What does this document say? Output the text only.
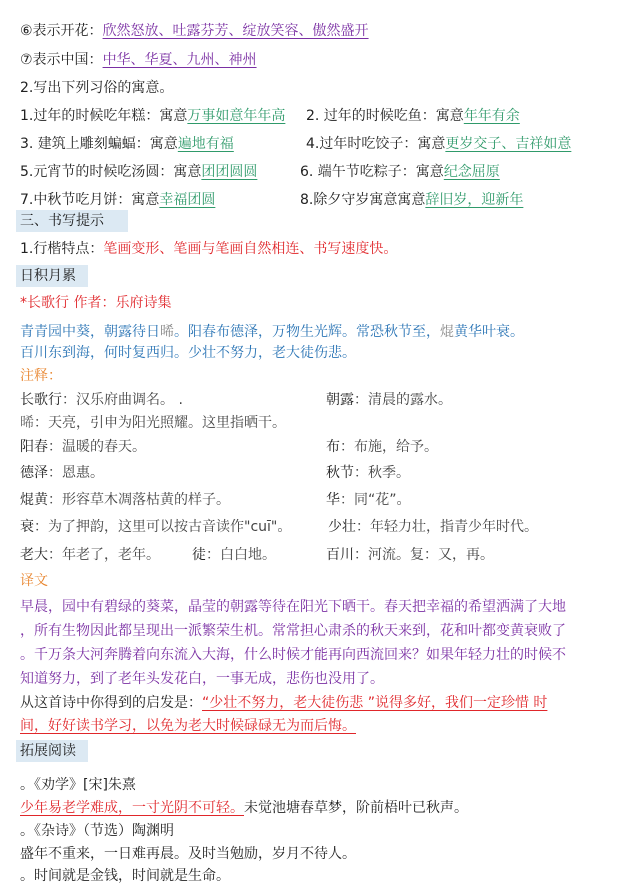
⑥表示开花：欣然怒放、吐露芬芳、绽放笑容、傲然盛开
⑦表示中国：中华、华夏、九州、神州
2.写出下列习俗的寓意。
1.过年的时候吃年糕：寓意万事如意年年高 2. 过年的时候吃鱼：寓意年年有余
3. 建筑上雕刻蝙蝠：寓意遍地有福	4.过年时吃饺子：寓意更岁交子、吉祥如意
5.元宵节的时候吃汤圆：寓意团团圆圆	6. 端午节吃粽子：寓意纪念屈原
7.中秋节吃月饼：寓意幸福团圆	8.除夕守岁寓意寓意辞旧岁，迎新年
三、书写提示
1.行楷特点：笔画变形、笔画与笔画自然相连、书写速度快。
日积月累
*长歌行 作者：乐府诗集
青青园中葵，朝露待日晞。阳春布德泽，万物生光辉。常恐秋节至，焜黄华叶衰。
百川东到海，何时复西归。少壮不努力，老大徒伤悲。
注释：
长歌行：汉乐府曲调名。 .	朝露：清晨的露水。
晞：天亮，引申为阳光照耀。这里指晒干。
阳春：温暖的春天。	布：布施，给予。
德泽：恩惠。	秋节：秋季。
焜黄：形容草木凋落枯黄的样子。	华：同“花”。
衰：为了押韵，这里可以按古音读作"cuī"。	少壮：年轻力壮，指青少年时代。
老大：年老了，老年。 徒：白白地。	百川：河流。复：又，再。
译文
早晨，园中有碧绿的葵菜，晶莹的朝露等待在阳光下晒干。春天把幸福的希望洒满了大地
，所有生物因此都呈现出一派繁荣生机。常常担心肃杀的秋天来到，花和叶都变黄衰败了
。千万条大河奔腾着向东流入大海，什么时候才能再向西流回来？如果年轻力壮的时候不
知道努力，到了老年头发花白，一事无成，悲伤也没用了。
从这首诗中你得到的启发是：“少壮不努力，老大徒伤悲 ”说得多好，我们一定珍惜 时
间，好好读书学习，以免为老大时候碌碌无为而后悔。
拓展阅读
。《劝学》[宋]朱熹
少年易老学难成，一寸光阴不可轻。未觉池塘春草梦，阶前梧叶已秋声。
。《杂诗》（节选）陶渊明
盛年不重来，一日难再晨。及时当勉励，岁月不待人。
。时间就是金钱，时间就是生命。
